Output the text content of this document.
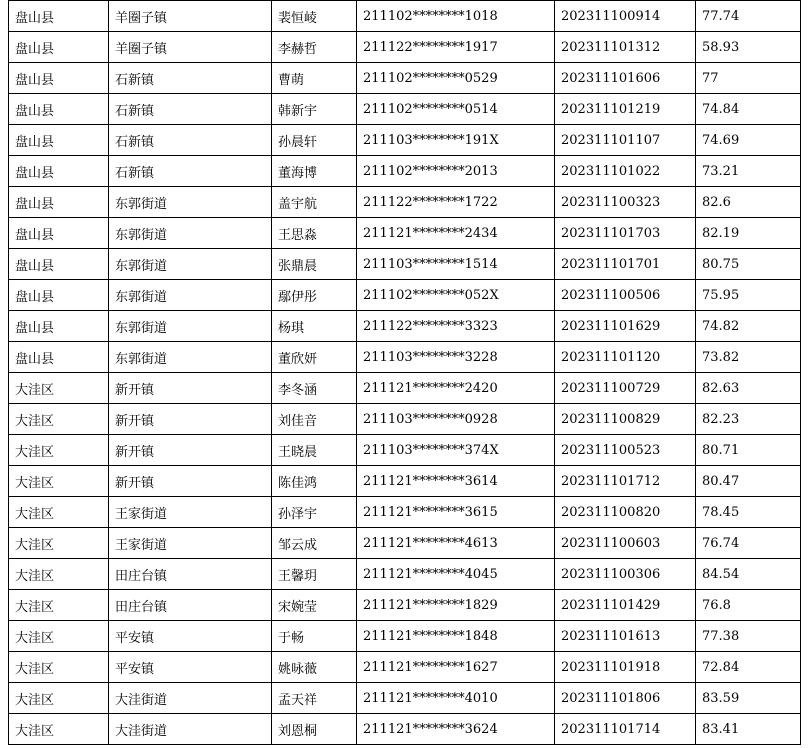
盘山县	羊圈子镇	裴恒崚	211102********1018	202311100914	77.74
盘山县	羊圈子镇	李赫哲	211122********1917	202311101312	58.93
盘山县	石新镇	曹萌	211102********0529	202311101606	77
盘山县	石新镇	韩新宇	211102********0514	202311101219	74.84
盘山县	石新镇	孙晨轩	211103********191X	202311101107	74.69
盘山县	石新镇	董海博	211102********2013	202311101022	73.21
盘山县	东郭街道	盖宇航	211122********1722	202311100323	82.6
盘山县	东郭街道	王思淼	211121********2434	202311101703	82.19
盘山县	东郭街道	张鼎晨	211103********1514	202311101701	80.75
盘山县	东郭街道	鄢伊彤	211102********052X	202311100506	75.95
盘山县	东郭街道	杨琪	211122********3323	202311101629	74.82
盘山县	东郭街道	董欣妍	211103********3228	202311101120	73.82
大洼区	新开镇	李冬涵	211121********2420	202311100729	82.63
大洼区	新开镇	刘佳音	211103********0928	202311100829	82.23
大洼区	新开镇	王晓晨	211103********374X	202311100523	80.71
大洼区	新开镇	陈佳鸿	211121********3614	202311101712	80.47
大洼区	王家街道	孙泽宇	211121********3615	202311100820	78.45
大洼区	王家街道	邹云成	211121********4613	202311100603	76.74
大洼区	田庄台镇	王馨玥	211121********4045	202311100306	84.54
大洼区	田庄台镇	宋婉莹	211121********1829	202311101429	76.8
大洼区	平安镇	于畅	211121********1848	202311101613	77.38
大洼区	平安镇	姚咏薇	211121********1627	202311101918	72.84
大洼区	大洼街道	孟天祥	211121********4010	202311101806	83.59
大洼区	大洼街道	刘恩桐	211121********3624	202311101714	83.41
